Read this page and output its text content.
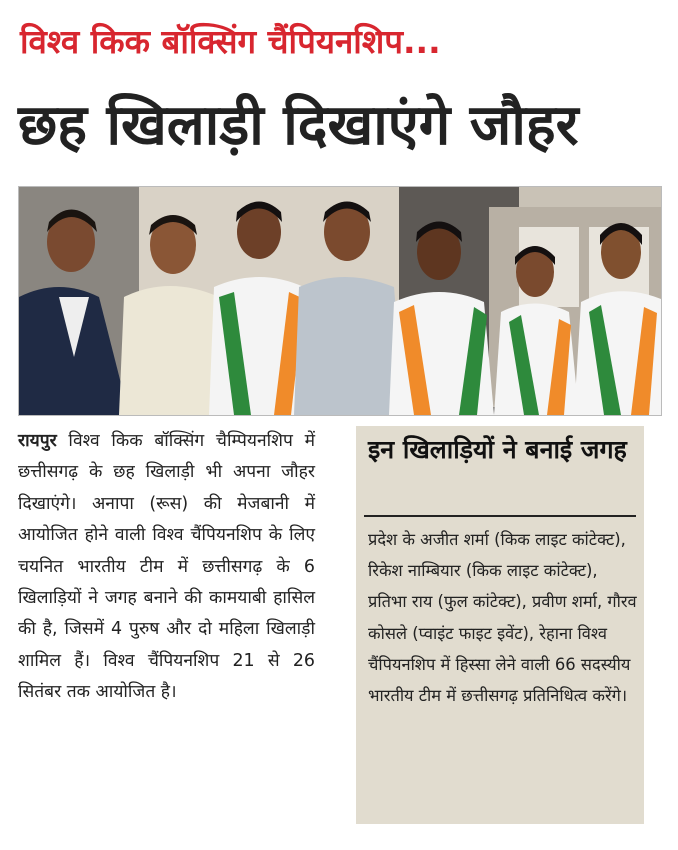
विश्व किक बॉक्सिंग चैंपियनशिप...
छह खिलाड़ी दिखाएंगे जौहर
रायपुर विश्व किक बॉक्सिंग चैम्पियनशिप में छत्तीसगढ़ के छह खिलाड़ी भी अपना जौहर दिखाएंगे। अनापा (रूस) की मेजबानी में आयोजित होने वाली विश्व चैंपियनशिप के लिए चयनित भारतीय टीम में छत्तीसगढ़ के 6 खिलाड़ियों ने जगह बनाने की कामयाबी हासिल की है, जिसमें 4 पुरुष और दो महिला खिलाड़ी शामिल हैं। विश्व चैंपियनशिप 21 से 26 सितंबर तक आयोजित है।
इन खिलाड़ियों ने बनाई जगह
प्रदेश के अजीत शर्मा (किक लाइट कांटेक्ट), रिकेश नाम्बियार (किक लाइट कांटेक्ट), प्रतिभा राय (फुल कांटेक्ट), प्रवीण शर्मा, गौरव कोसले (प्वाइंट फाइट इवेंट), रेहाना विश्व चैंपियनशिप में हिस्सा लेने वाली 66 सदस्यीय भारतीय टीम में छत्तीसगढ़ प्रतिनिधित्व करेंगे।
